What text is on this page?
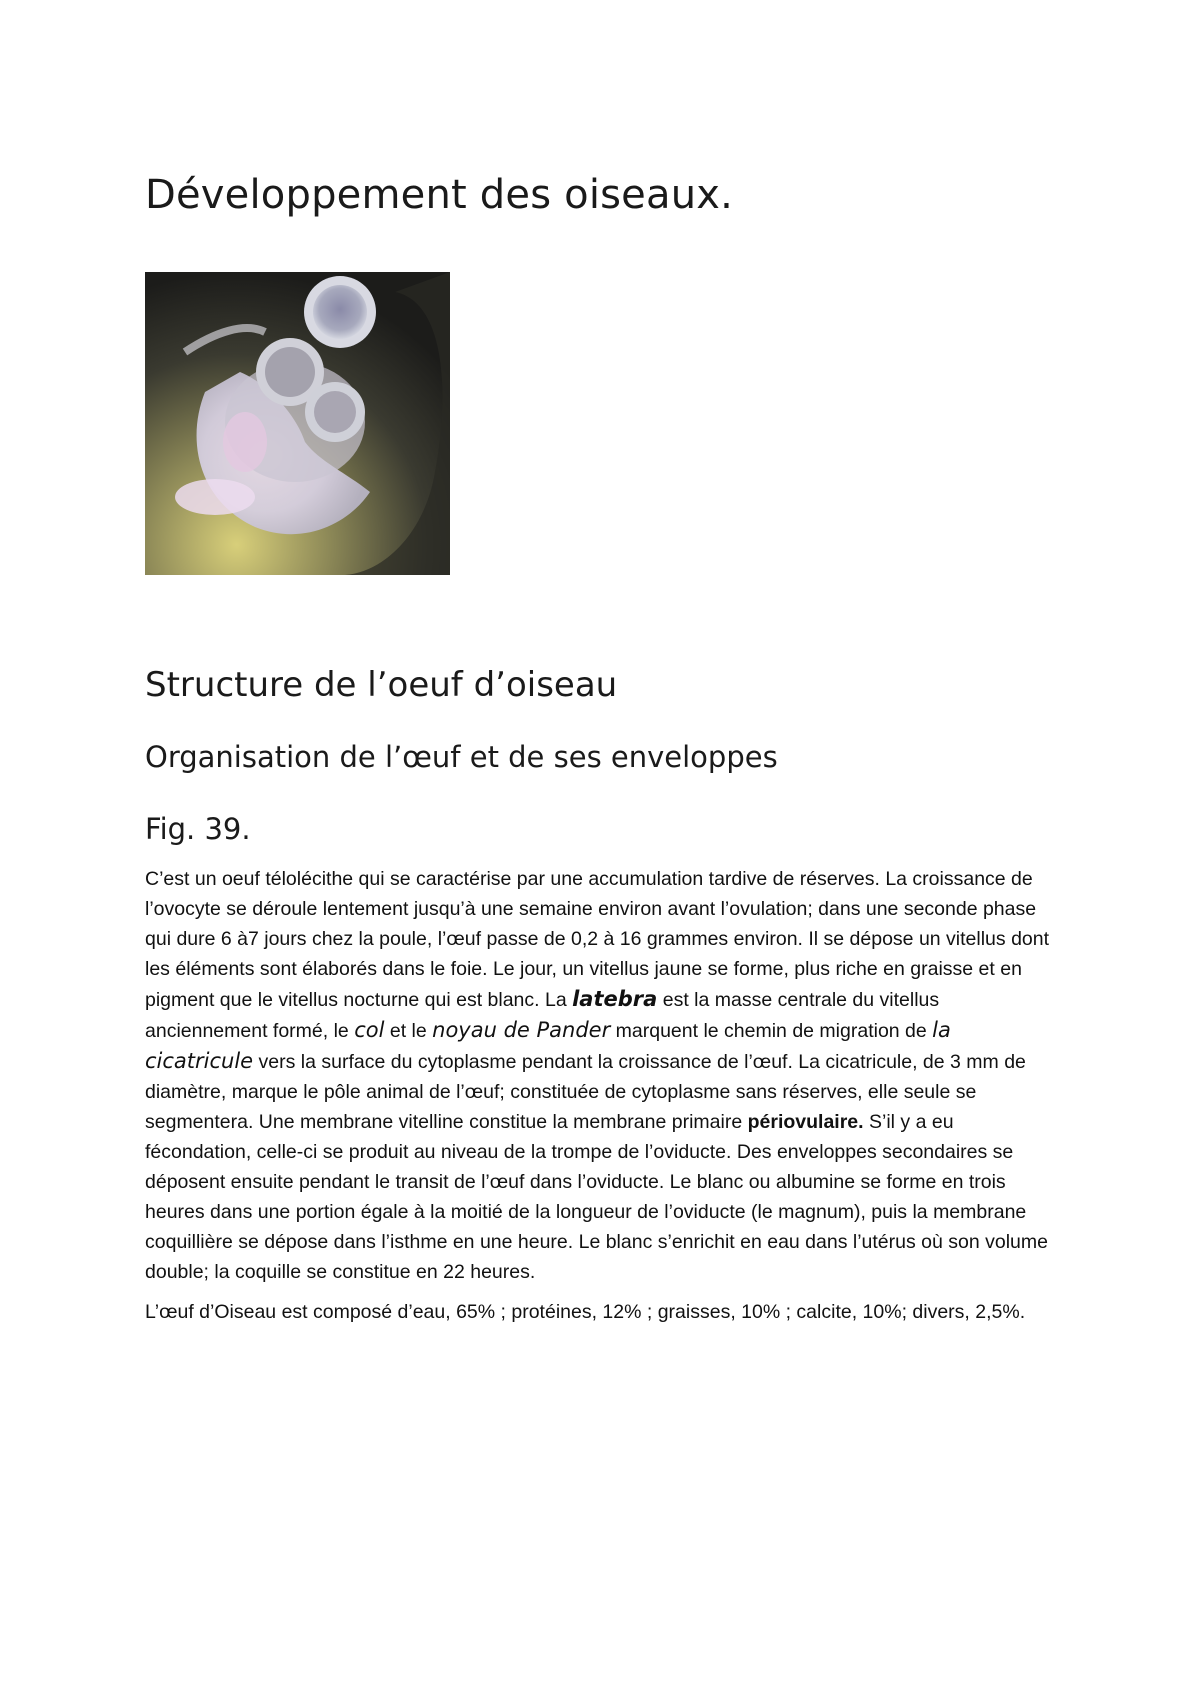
Développement des oiseaux.
Structure de l’oeuf d’oiseau
Organisation de l’œuf et de ses enveloppes
Fig. 39.

C’est un oeuf télolécithe qui se caractérise par une accumulation tardive de réserves. La croissance de l’ovocyte se déroule lentement jusqu’à une semaine environ avant l’ovulation; dans une seconde phase qui dure 6 à7 jours chez la poule, l’œuf passe de 0,2 à 16 grammes environ. Il se dépose un vitellus dont les éléments sont élaborés dans le foie. Le jour, un vitellus jaune se forme, plus riche en graisse et en pigment que le vitellus nocturne qui est blanc. La latebra est la masse centrale du vitellus anciennement formé, le col et le noyau de Pander marquent le chemin de migration de la cicatricule vers la surface du cytoplasme pendant la croissance de l’œuf. La cicatricule, de 3 mm de diamètre, marque le pôle animal de l’œuf; constituée de cytoplasme sans réserves, elle seule se segmentera. Une membrane vitelline constitue la membrane primaire périovulaire. S’il y a eu fécondation, celle-ci se produit au niveau de la trompe de l’oviducte. Des enveloppes secondaires se déposent ensuite pendant le transit de l’œuf dans l’oviducte. Le blanc ou albumine se forme en trois heures dans une portion égale à la moitié de la longueur de l’oviducte (le magnum), puis la membrane coquillière se dépose dans l’isthme en une heure. Le blanc s’enrichit en eau dans l’utérus où son volume double; la coquille se constitue en 22 heures.

L’œuf d’Oiseau est composé d’eau, 65% ; protéines, 12% ; graisses, 10% ; calcite, 10%; divers, 2,5%.
